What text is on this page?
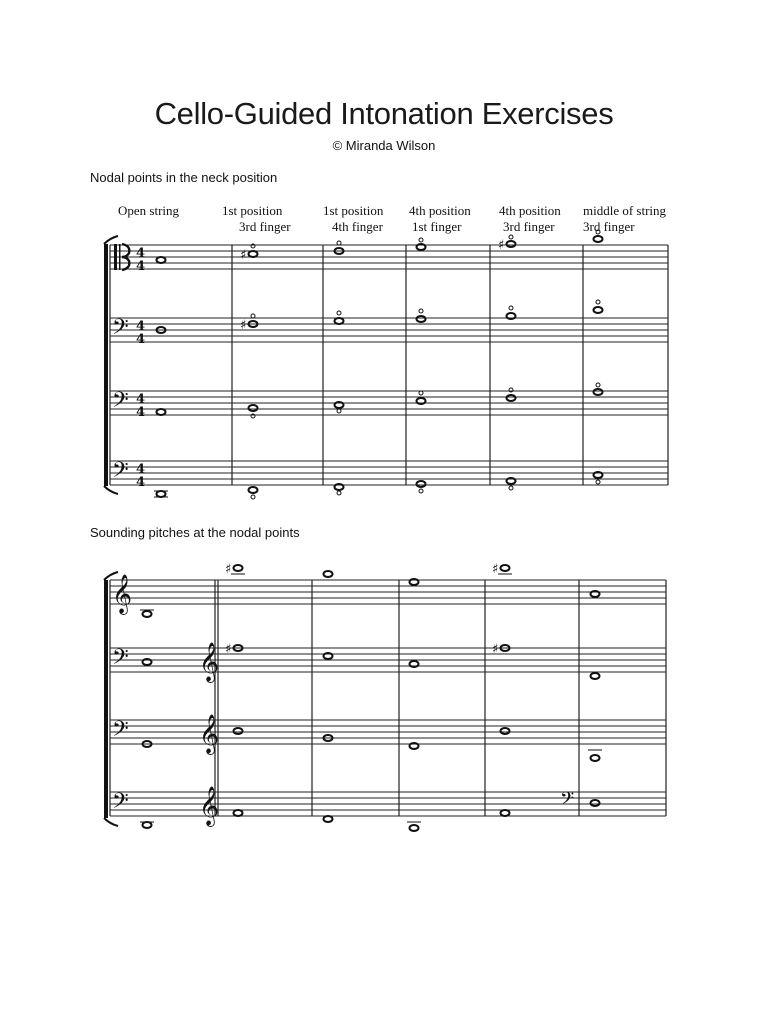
Cello-Guided Intonation Exercises
© Miranda Wilson
Nodal points in the neck position
Open string	1st position
3rd finger
1st position
4th finger
4th position
1st finger
4th position
3rd finger
middle of string
3rd finger
𝄢
𝄢
𝄢
4
4
4
4
4
4
4
4
♯
♯
♯
Sounding pitches at the nodal points
𝄞
𝄞
𝄞
𝄞
𝄢
𝄢
𝄢	𝄢
♯
♯
♯
♯
